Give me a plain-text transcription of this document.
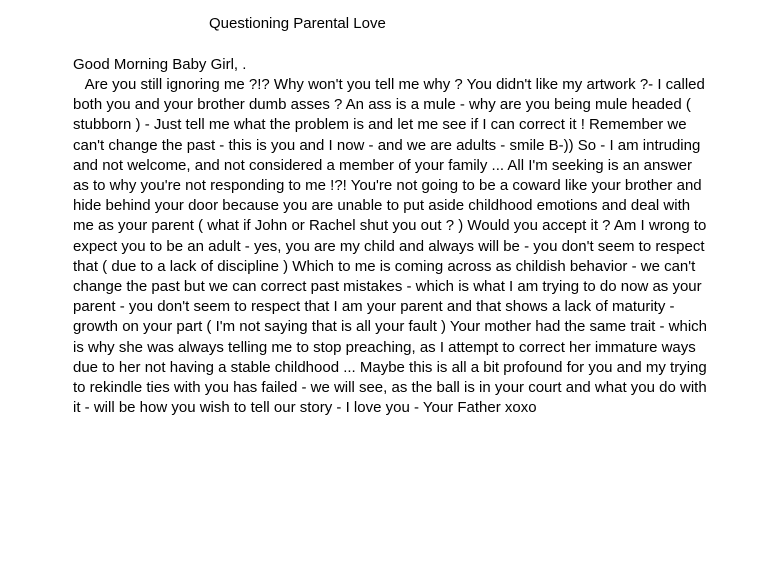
Questioning Parental Love
Good Morning Baby Girl, .
Are you still ignoring me ?!? Why won't you tell me why ? You didn't like my artwork ?- I called
both you and your brother dumb asses ? An ass is a mule - why are you being mule headed (
stubborn ) - Just tell me what the problem is and let me see if I can correct it ! Remember we
can't change the past - this is you and I now - and we are adults - smile B-)) So - I am intruding
and not welcome, and not considered a member of your family ... All I'm seeking is an answer
as to why you're not responding to me !?! You're not going to be a coward like your brother and
hide behind your door because you are unable to put aside childhood emotions and deal with
me as your parent ( what if John or Rachel shut you out ? ) Would you accept it ? Am I wrong to
expect you to be an adult - yes, you are my child and always will be - you don't seem to respect
that ( due to a lack of discipline ) Which to me is coming across as childish behavior - we can't
change the past but we can correct past mistakes - which is what I am trying to do now as your
parent - you don't seem to respect that I am your parent and that shows a lack of maturity -
growth on your part ( I'm not saying that is all your fault ) Your mother had the same trait - which
is why she was always telling me to stop preaching, as I attempt to correct her immature ways
due to her not having a stable childhood ... Maybe this is all a bit profound for you and my trying
to rekindle ties with you has failed - we will see, as the ball is in your court and what you do with
it - will be how you wish to tell our story - I love you - Your Father xoxo
